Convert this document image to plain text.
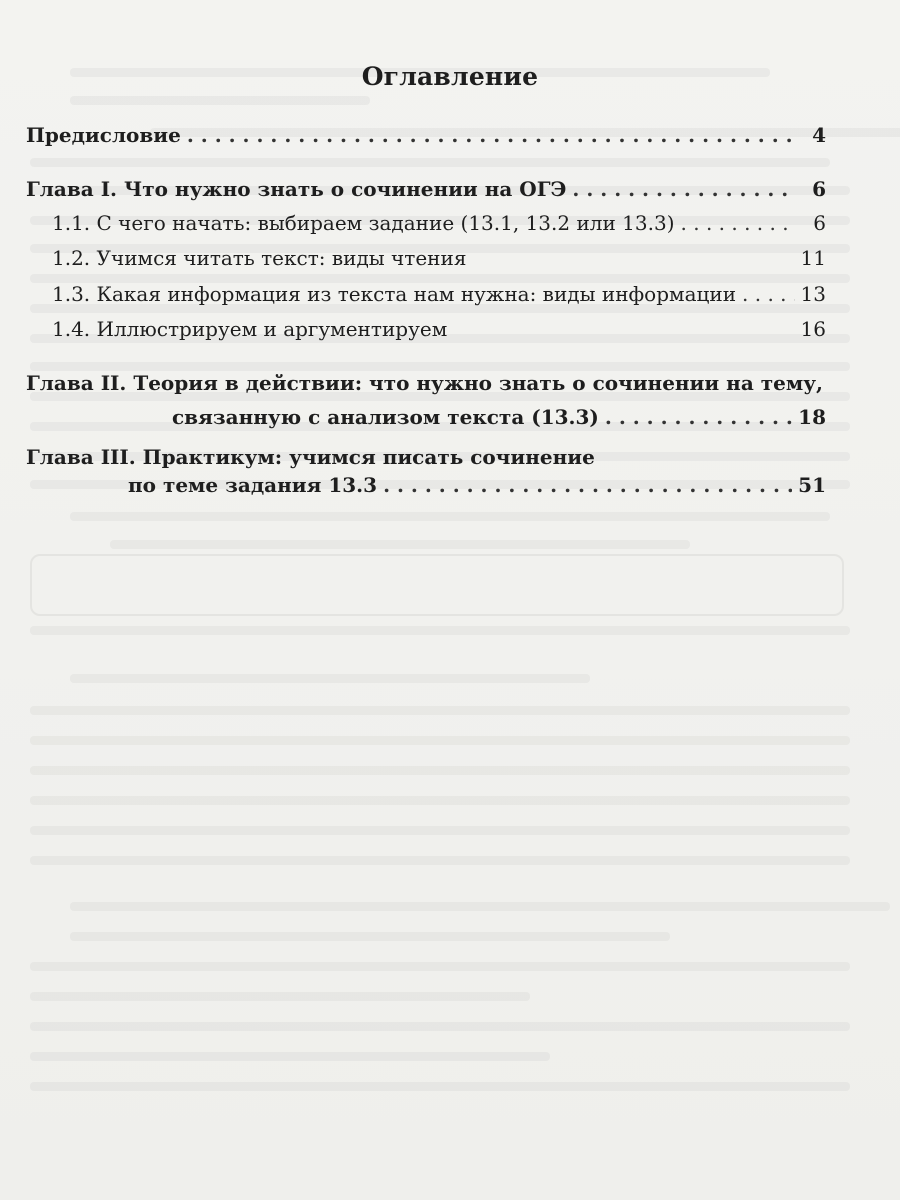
Оглавление
Предисловие . . .	4
Глава I. Что нужно знать о сочинении на ОГЭ . . .	6
1.1. С чего начать: выбираем задание (13.1, 13.2 или 13.3) . . .	6
1.2. Учимся читать текст: виды чтения	11
1.3. Какая информация из текста нам нужна: виды информации . . .	13
1.4. Иллюстрируем и аргументируем	16
Глава II. Теория в действии: что нужно знать о сочинении на тему,
связанную с анализом текста (13.3) . . .	18
Глава III. Практикум: учимся писать сочинение
по теме задания 13.3 . . .	51
